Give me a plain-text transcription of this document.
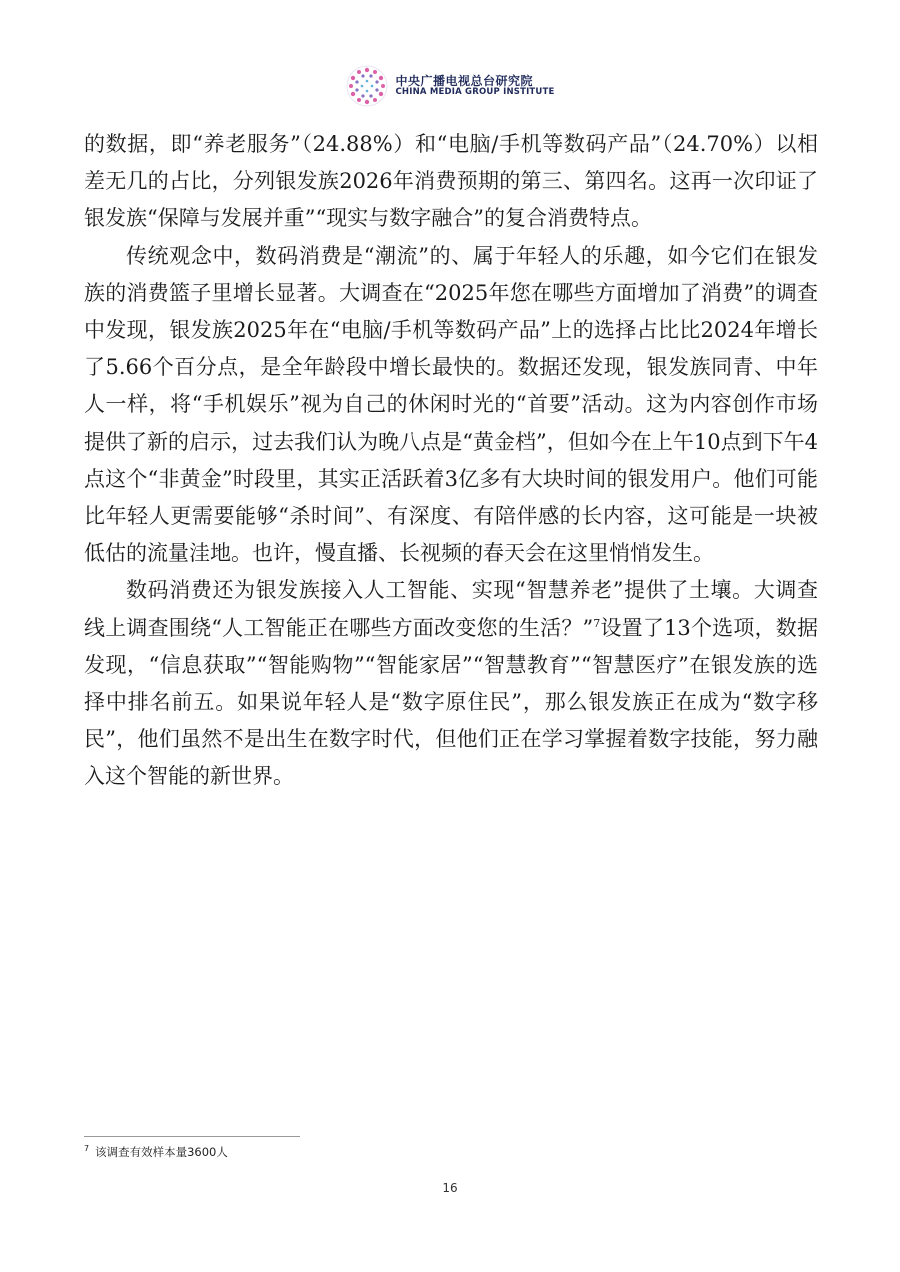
中央广播电视总台研究院
CHINA MEDIA GROUP INSTITUTE

的数据，即“养老服务”（24.88%）和“电脑/手机等数码产品”（24.70%）以相差无几的占比，分列银发族2026年消费预期的第三、第四名。这再一次印证了银发族“保障与发展并重”“现实与数字融合”的复合消费特点。

传统观念中，数码消费是“潮流”的、属于年轻人的乐趣，如今它们在银发族的消费篮子里增长显著。大调查在“2025年您在哪些方面增加了消费”的调查中发现，银发族2025年在“电脑/手机等数码产品”上的选择占比比2024年增长了5.66个百分点，是全年龄段中增长最快的。数据还发现，银发族同青、中年人一样，将“手机娱乐”视为自己的休闲时光的“首要”活动。这为内容创作市场提供了新的启示，过去我们认为晚八点是“黄金档”，但如今在上午10点到下午4点这个“非黄金”时段里，其实正活跃着3亿多有大块时间的银发用户。他们可能比年轻人更需要能够“杀时间”、有深度、有陪伴感的长内容，这可能是一块被低估的流量洼地。也许，慢直播、长视频的春天会在这里悄悄发生。

数码消费还为银发族接入人工智能、实现“智慧养老”提供了土壤。大调查线上调查围绕“人工智能正在哪些方面改变您的生活？”$^7$设置了13个选项，数据发现，“信息获取”“智能购物”“智能家居”“智慧教育”“智慧医疗”在银发族的选择中排名前五。如果说年轻人是“数字原住民”，那么银发族正在成为“数字移民”，他们虽然不是出生在数字时代，但他们正在学习掌握着数字技能，努力融入这个智能的新世界。

$^7$ 该调查有效样本量3600人
16
